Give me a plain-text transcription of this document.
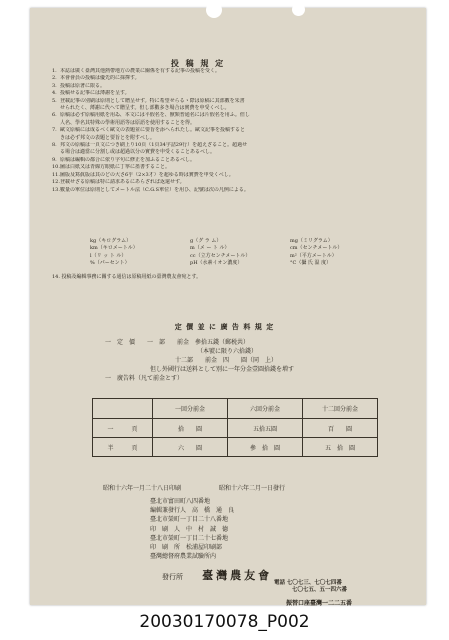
投 稿 規 定
1. 本誌は廣く臺灣其他熱帶地方の農業に關係を有する記事の投稿を受く。
2. 本會會員の投稿は優先的に採擇す。
3. 投稿は原著に限る。
4. 投稿せる記事には薄謝を呈す。
5. 登載記事の別刷は原則として贈呈せず。特に希望せらるゝ際は原稿に其部數を朱書
せられたく、薄謝に代へて贈呈す。但し部數多き場合は實費を申受くべし。
6. 原稿は必ず原稿用紙を用ゐ、本文には平假名を、獸類普通名には片假名を用ふ。但し
人名、學名其特殊の學術用語等は原語を使用することを得。
7. 歐文原稿には成るべく歐文の表題並に要旨を添へられたし。歐文記事を投稿すると
きは必ず邦文の表題と要旨とを附すべし。
8. 邦文の原稿は一頁文につき刷上り10頁（1頁34字詰29行）を超えざること。超過せ
る場合は適當に分割し或は超過以分の實費を申受くることあるべし。
9. 原稿は編輯の都合に依り字句に修正を加ふることあるべし。
10. 圖は白紙又は青線方眼紙に丁寧に墨書すること。
11. 圖版及寫眞版は其のどの大さ6乎（2×3才）を超ゆる時は實費を申受くべし。
12. 登載せざる原稿は特に請求あるにあらざれば返還せず。
13. 數量の單位は原則としてメートル法（C.G.S單位）を用ひ、記號は次の凡例による。
kg（キログラム）	g（グ ラ ム）	mg（ミリグラム）
km（キロメートル）	m（メ ー ト ル）	cm（センチメートル）
l（リ ッ ト ル）	cc（立方センチメートル）	m²（平方メートル）
%（パーセント）	pH（水素イオン濃度）	°C（攝 氏 温 度）
14. 投稿及編輯事務に關する通信は原稿用紙の臺灣農友會宛とす。
定 價 並 に 廣 告 料 規 定
一　定　價　　一　部　　前金　參拾五錢（郵税共）
（本號に限り六拾錢）
十二部　　前金　四　　圓（同　上）
但し外國行は送料として別に一年分金壹圓拾錢を増す
一　廣告料（凡て前金とす）
	一回分前金	六回分前金	十二回分前金
一　　　頁	拾　　圓	五拾五圓	百　　圓
半　　　頁	六　　圓	參　拾　圓	五　拾　圓
昭和十六年一月二十八日印刷	昭和十六年二月一日發行
臺北市富田町八四番地
編輯兼發行人　高　橋　通　良
臺北市榮町一丁目二十八番地
印　刷　人　中　村　誠　德
臺北市榮町一丁目二十七番地
印　刷　所　松浦屋印刷部
臺灣總督府農業試驗所内
發行所 臺灣農友會
電話 七〇七三、七〇七四番
七〇七五、五一四六番
振替口座臺灣一二二五番
20030170078_P002
